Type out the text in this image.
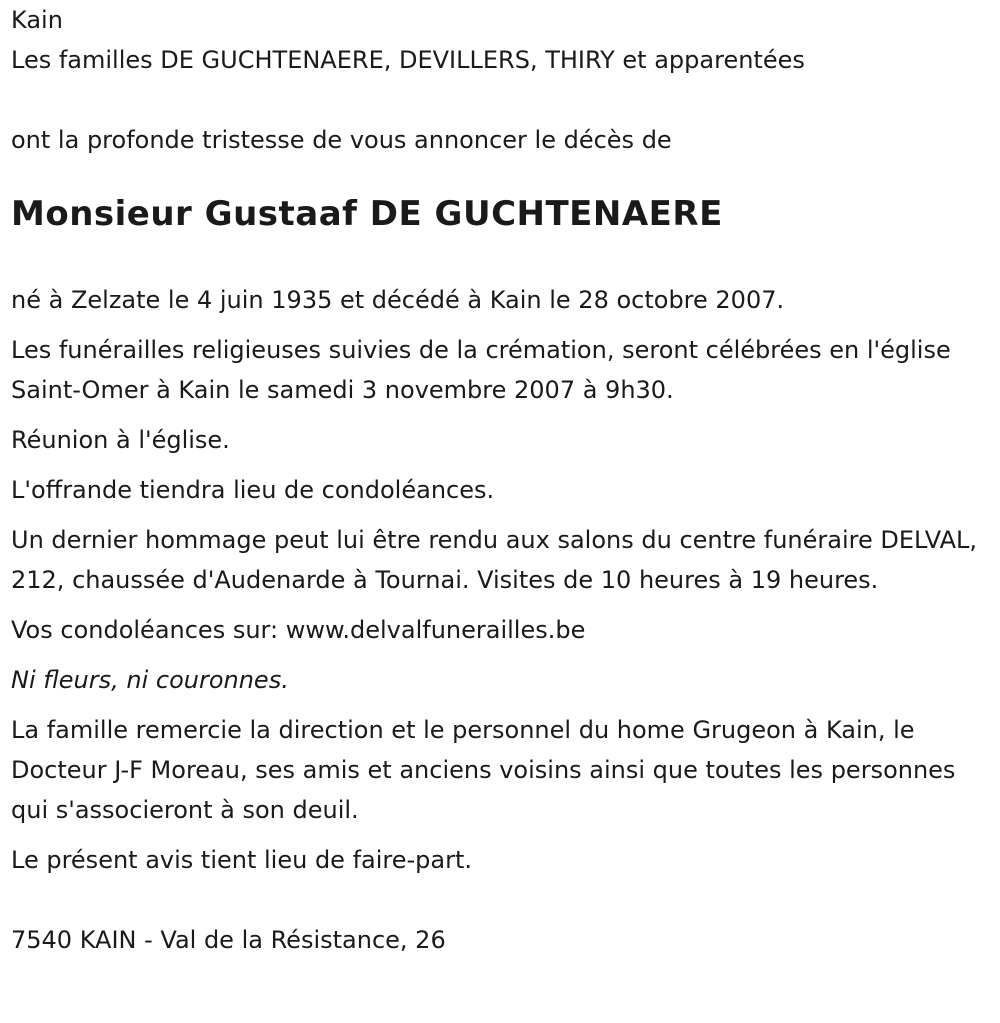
Kain

Les familles DE GUCHTENAERE, DEVILLERS, THIRY et apparentées

ont la profonde tristesse de vous annoncer le décès de

Monsieur Gustaaf DE GUCHTENAERE

né à Zelzate le 4 juin 1935 et décédé à Kain le 28 octobre 2007.

Les funérailles religieuses suivies de la crémation, seront célébrées en l'église Saint-Omer à Kain le samedi 3 novembre 2007 à 9h30.

Réunion à l'église.

L'offrande tiendra lieu de condoléances.

Un dernier hommage peut lui être rendu aux salons du centre funéraire DELVAL, 212, chaussée d'Audenarde à Tournai. Visites de 10 heures à 19 heures.

Vos condoléances sur: www.delvalfunerailles.be

Ni fleurs, ni couronnes.

La famille remercie la direction et le personnel du home Grugeon à Kain, le Docteur J-F Moreau, ses amis et anciens voisins ainsi que toutes les personnes qui s'associeront à son deuil.

Le présent avis tient lieu de faire-part.

7540 KAIN - Val de la Résistance, 26
